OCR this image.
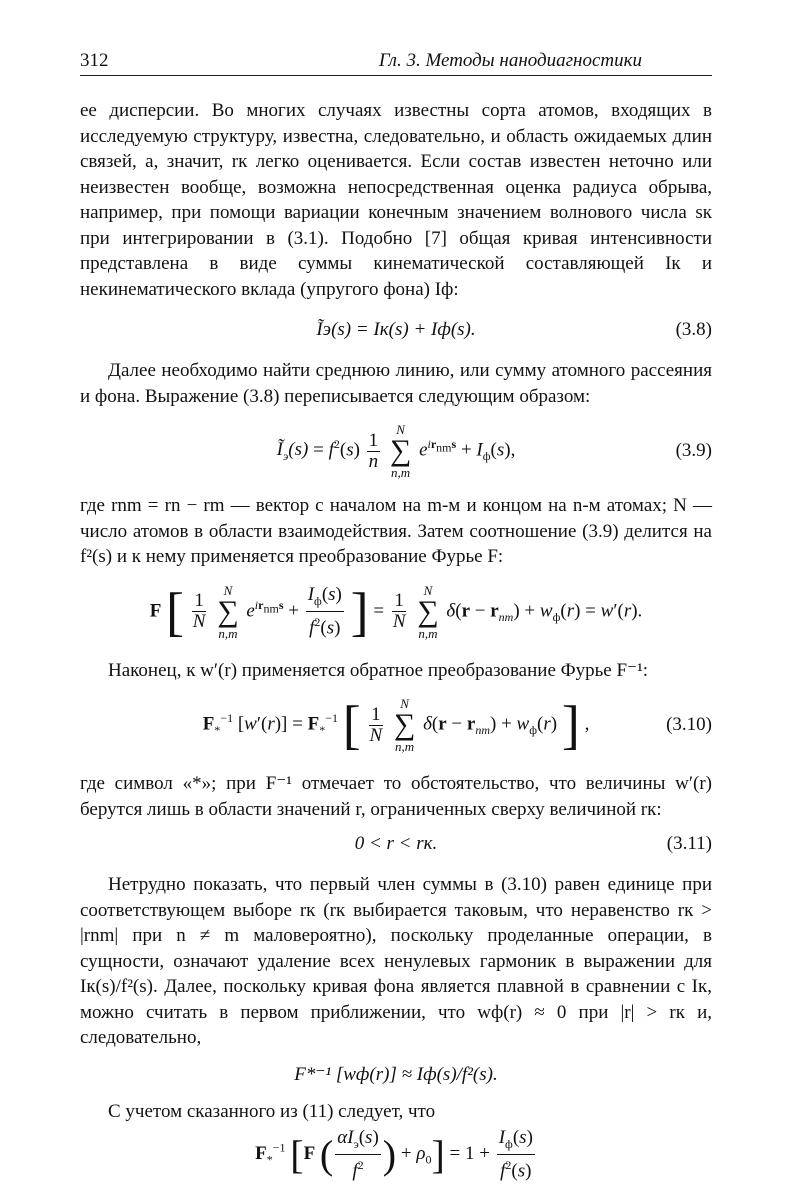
312	Гл. 3. Методы нанодиагностики

ее дисперсии. Во многих случаях известны сорта атомов, входящих в исследуемую структуру, известна, следовательно, и область ожидаемых длин связей, а, значит, rк легко оценивается. Если состав известен неточно или неизвестен вообще, возможна непосредственная оценка радиуса обрыва, например, при помощи вариации конечным значением волнового числа sк при интегрировании в (3.1). Подобно [7] общая кривая интенсивности представлена в виде суммы кинематической составляющей Iк и некинематического вклада (упругого фона) Iф:

Ĩэ(s) = Iк(s) + Iф(s).	(3.8)

Далее необходимо найти среднюю линию, или сумму атомного рассеяния и фона. Выражение (3.8) переписывается следующим образом:

$Ĩ_э(s) = f^2(s) \frac{1}{n}$

N
∑
n,m
$e^{ir_{nm}s} + I_ф(s)$,	(3.9)

где rnm = rn − rm — вектор с началом на m-м и концом на n-м атомах; N — число атомов в области взаимодействия. Затем соотношение (3.9) делится на f²(s) и к нему применяется преобразование Фурье F:

F [ $\frac{1}{N}$

N
∑
n,m
$e^{ir_{nm}s} + \frac{I_ф(s)}{f^2(s)}$ ] = $\frac{1}{N}$

N
∑
n,m
$\delta(r - r_{nm}) + w_ф(r) = w'(r)$.

Наконец, к w′(r) применяется обратное преобразование Фурье F⁻¹:

$F_*^{-1}$ $[w'(r)] = F_*^{-1}$ [ $\frac{1}{N}$

N
∑
n,m
$\delta(r - r_{nm}) + w_ф(r)$ ] ,	(3.10)

где символ «*»; при F⁻¹ отмечает то обстоятельство, что величины w′(r) берутся лишь в области значений r, ограниченных сверху величиной rк:

0 < r < rк.	(3.11)

Нетрудно показать, что первый член суммы в (3.10) равен единице при соответствующем выборе rк (rк выбирается таковым, что неравенство rк > |rnm| при n ≠ m маловероятно), поскольку проделанные операции, в сущности, означают удаление всех ненулевых гармоник в выражении для Iк(s)/f²(s). Далее, поскольку кривая фона является плавной в сравнении с Iк, можно считать в первом приближении, что wф(r) ≈ 0 при |r| > rк и, следовательно,

F*⁻¹ [wф(r)] ≈ Iф(s)/f²(s).

С учетом сказанного из (11) следует, что

$F_*^{-1}$ [F ( $\frac{\alpha I_э(s)}{f^2}$ ) + $\rho_0] = 1 + \frac{I_ф(s)}{f^2(s)}$
